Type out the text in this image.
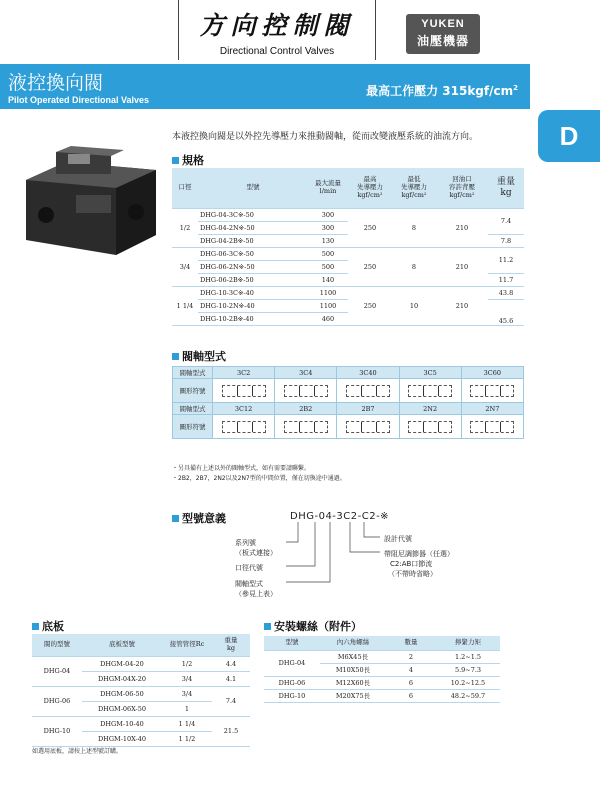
方向控制閥
Directional Control Valves
YUKEN
油壓機器
液控換向閥
Pilot Operated Directional Valves
最高工作壓力 $315kgf/cm^2$
D
本液控換向閥是以外控先導壓力來推動閥軸，從而改變液壓系統的油流方向。
規格
口徑	型號	最大流量
l/min	最高
先導壓力
kgf/cm²	最低
先導壓力
kgf/cm²	回油口
容許背壓
kgf/cm²	重量
kg
1/2	DHG-04-3C※-50	300	250	8	210	7.4
	DHG-04-2N※-50	300				
	DHG-04-2B※-50	130				7.8
3/4	DHG-06-3C※-50	500	250	8	210	11.2
	DHG-06-2N※-50	500				
	DHG-06-2B※-50	140				11.7
1 1/4	DHG-10-3C※-40	1100	250	10	210	43.8
	DHG-10-2N※-40	1100				45.6
	DHG-10-2B※-40	460				
閥軸型式
閥軸型式	3C2	3C4	3C40	3C5	3C60
圖形符號					
閥軸型式	3C12	2B2	2B7	2N2	2N7
圖形符號					
・另具備有上述以外的閥軸型式，如有需要請聯繫。
・2B2，2B7，2N2以及2N7型的中間位置，僅在切換途中通過。
型號意義	DHG-04-3C2-C2-※
系列號
（板式連接）
口徑代號
閥軸型式
（參見上表）
設計代號
帶阻尼調節器（任選）
C2:AB口節流
（不帶時省略）
底板
閥的型號	底板型號	接管管徑Rc	重量
kg
DHG-04	DHGM-04-20	1/2	4.4
	DHGM-04X-20	3/4	4.1
DHG-06	DHGM-06-50	3/4	7.4
	DHGM-06X-50	1	
DHG-10	DHGM-10-40	1 1/4	21.5
	DHGM-10X-40	1 1/2	
如選用底板，請按上述型號訂購。
安裝螺絲（附件）
型號	內六角螺絲	數量	擰緊力矩
DHG-04	M6X45長	2	1.2~1.5
	M10X50長	4	5.9~7.3
DHG-06	M12X60長	6	10.2~12.5
DHG-10	M20X75長	6	48.2~59.7
